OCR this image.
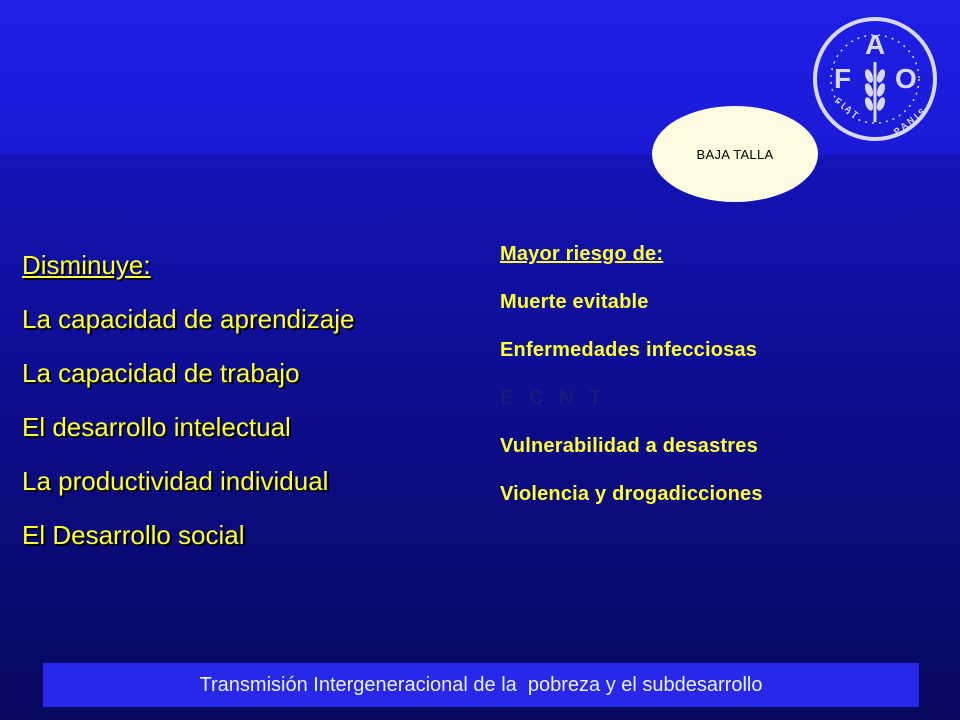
F
A
O
F I A T	P A N I S
BAJA TALLA
Disminuye:
La capacidad de aprendizaje
La capacidad de trabajo
El desarrollo intelectual
La productividad individual
El Desarrollo social
Mayor riesgo de:
Muerte evitable
Enfermedades infecciosas
E C N T
Vulnerabilidad a desastres
Violencia y drogadicciones
Transmisión Intergeneracional de la  pobreza y el subdesarrollo
